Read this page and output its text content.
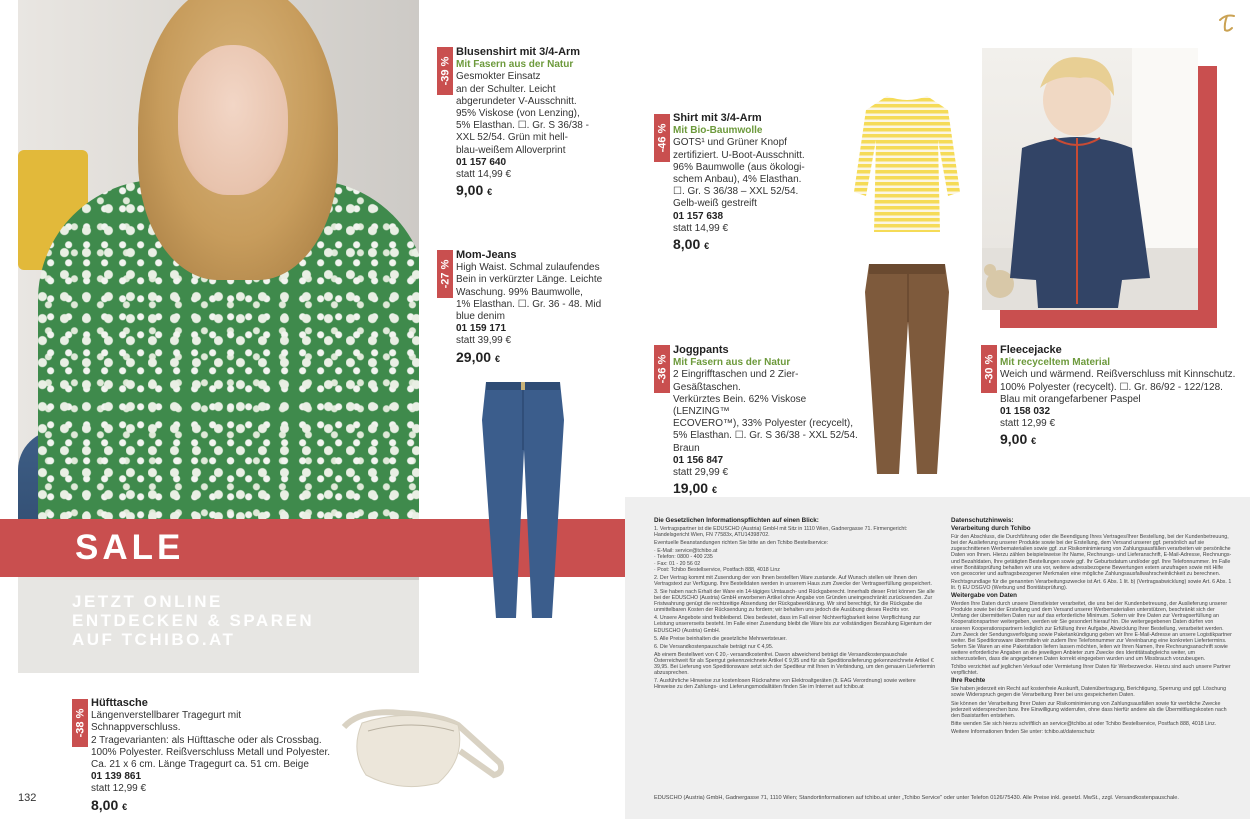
SALE
JETZT ONLINE
ENTDECKEN & SPAREN
AUF TCHIBO.AT
-39 %
Blusenshirt mit 3/4-Arm
Mit Fasern aus der Natur
Gesmokter Einsatz
an der Schulter. Leicht
abgerundeter V-Ausschnitt.
95% Viskose (von Lenzing),
5% Elasthan. ☐. Gr. S 36/38 -
XXL 52/54. Grün mit hell-
blau-weißem Alloverprint
01 157 640
statt 14,99 €
9,00 €
-27 %
Mom-Jeans
High Waist. Schmal zulaufendes
Bein in verkürzter Länge. Leichte
Waschung. 99% Baumwolle,
1% Elasthan. ☐. Gr. 36 - 48. Mid
blue denim
01 159 171
statt 39,99 €
29,00 €
-46 %
Shirt mit 3/4-Arm
Mit Bio-Baumwolle
GOTS¹ und Grüner Knopf
zertifiziert. U-Boot-Ausschnitt.
96% Baumwolle (aus ökologi-
schem Anbau), 4% Elasthan.
☐. Gr. S 36/38 – XXL 52/54.
Gelb-weiß gestreift
01 157 638
statt 14,99 €
8,00 €
-36 %
Joggpants
Mit Fasern aus der Natur
2 Eingrifftaschen und 2 Zier-Gesäßtaschen.
Verkürztes Bein. 62% Viskose (LENZING™
ECOVERO™), 33% Polyester (recycelt),
5% Elasthan. ☐. Gr. S 36/38 - XXL 52/54.
Braun
01 156 847
statt 29,99 €
19,00 €
-30 %
Fleecejacke
Mit recyceltem Material
Weich und wärmend. Reißverschluss mit Kinnschutz.
100% Polyester (recycelt). ☐. Gr. 86/92 - 122/128.
Blau mit orangefarbener Paspel
01 158 032
statt 12,99 €
9,00 €
-38 %
Hüfttasche
Längenverstellbarer Tragegurt mit Schnappverschluss.
2 Tragevarianten: als Hüfttasche oder als Crossbag.
100% Polyester. Reißverschluss Metall und Polyester.
Ca. 21 x 6 cm. Länge Tragegurt ca. 51 cm. Beige
01 139 861
statt 12,99 €
8,00 €
Die Gesetzlichen Informationspflichten auf einen Blick:

1. Vertragspartner ist die EDUSCHO (Austria) GmbH mit Sitz in 1110 Wien, Gadnergasse 71. Firmengericht: Handelsgericht Wien, FN 77583x, ATU14398702.

Eventuelle Beanstandungen richten Sie bitte an den Tchibo Bestellservice:

· E-Mail: service@tchibo.at

· Telefon: 0800 - 400 235

· Fax: 01 - 20 56 02

· Post: Tchibo Bestellservice, Postfach 888, 4018 Linz

2. Der Vertrag kommt mit Zusendung der von Ihnen bestellten Ware zustande. Auf Wunsch stellen wir Ihnen den Vertragstext zur Verfügung. Ihre Bestelldaten werden in unserem Haus zum Zwecke der Vertragserfüllung gespeichert.

3. Sie haben nach Erhalt der Ware ein 14-tägiges Umtausch- und Rückgaberecht. Innerhalb dieser Frist können Sie alle bei der EDUSCHO (Austria) GmbH erworbenen Artikel ohne Angabe von Gründen uneingeschränkt zurücksenden. Zur Fristwahrung genügt die rechtzeitige Absendung der Rückgabeerklärung. Wir sind berechtigt, für die Rückgabe die unmittelbaren Kosten der Rücksendung zu fordern; wir behalten uns jedoch die Ausübung dieses Rechts vor.

4. Unsere Angebote sind freibleibend. Dies bedeutet, dass im Fall einer Nichtverfügbarkeit keine Verpflichtung zur Leistung unsererseits besteht. Im Falle einer Zusendung bleibt die Ware bis zur vollständigen Bezahlung Eigentum der EDUSCHO (Austria) GmbH.

5. Alle Preise beinhalten die gesetzliche Mehrwertsteuer.

6. Die Versandkostenpauschale beträgt nur € 4,95.

Ab einem Bestellwert von € 20,- versandkostenfrei. Davon abweichend beträgt die Versandkostenpauschale Österreichweit für als Sperrgut gekennzeichnete Artikel € 9,95 und für als Speditionslieferung gekennzeichnete Artikel € 39,95. Bei Lieferung von Speditionsware setzt sich der Spediteur mit Ihnen in Verbindung, um den genauen Liefertermin abzusprechen.

7. Ausführliche Hinweise zur kostenlosen Rücknahme von Elektroaltgeräten (lt. EAG Verordnung) sowie weitere Hinweise zu den Zahlungs- und Lieferungsmodalitäten finden Sie im Internet auf tchibo.at

Datenschutzhinweis:
Verarbeitung durch Tchibo

Für den Abschluss, die Durchführung oder die Beendigung Ihres Vertrages/Ihrer Bestellung, bei der Kundenbetreuung, bei der Auslieferung unserer Produkte sowie bei der Erstellung, dem Versand unserer ggf. persönlich auf sie zugeschnittenen Werbematerialien sowie ggf. zur Risikominimierung von Zahlungsausfällen verarbeiten wir persönliche Daten von Ihnen. Hierzu zählen beispielsweise Ihr Name, Rechnungs- und Lieferanschrift, E-Mail-Adresse, Rechnungs- und Bezahldaten, Ihre getätigten Bestellungen sowie ggf. Ihr Geburtsdatum und/oder ggf. Ihre Telefonnummer. Im Falle einer Bonitätsprüfung behalten wir uns vor, weitere adressbezogene Bewertungen extern anzufragen sowie mit Hilfe von geoscorier und auftragsbezogener Merkmalen eine mögliche Zahlungsausfallwahrscheinlichkeit zu berechnen.

Rechtsgrundlage für die genannten Verarbeitungszwecke ist Art. 6 Abs. 1 lit. b) (Vertragsabwicklung) sowie Art. 6 Abs. 1 lit. f) EU DSGVO (Werbung und Bonitätsprüfung).

Weitergabe von Daten

Werden Ihre Daten durch unsere Dienstleister verarbeitet, die uns bei der Kundenbetreuung, der Auslieferung unserer Produkte sowie bei der Erstellung und dem Versand unserer Werbematerialien unterstützen, beschränkt sich der Umfang der übermittelten Daten nur auf das erforderliche Minimum. Sofern wir Ihre Daten zur Vertragserfüllung an Kooperationspartner weitergeben, werden wir Sie gesondert hierauf hin. Die weitergegebenen Daten dürfen von unseren Kooperationspartnern lediglich zur Erfüllung ihrer Aufgabe, Abwicklung Ihrer Bestellung, verarbeitet werden. Zum Zweck der Sendungsverfolgung sowie Paketankündigung geben wir Ihre E-Mail-Adresse an unsere Logistikpartner weiter. Bei Speditionsware übermitteln wir zudem Ihre Telefonnummer zur Vereinbarung eine konkreten Liefertermins. Sofern Sie Waren an eine Paketstation liefern lassen möchten, leiten wir Ihren Namen, Ihre Rechnungsanschrift sowie weitere erforderliche Angaben an die jeweiligen Anbieter zum Zwecke des Identitätsabgleichs weiter, um sicherzustellen, dass die angegebenen Daten korrekt eingegeben wurden und um Missbrauch vorzubeugen.

Tchibo verzichtet auf jeglichen Verkauf oder Vermietung Ihrer Daten für Werbezwecke. Hierzu sind auch unsere Partner verpflichtet.

Ihre Rechte

Sie haben jederzeit ein Recht auf kostenfreie Auskunft, Datenübertragung, Berichtigung, Sperrung und ggf. Löschung sowie Widerspruch gegen die Verarbeitung Ihrer bei uns gespeicherten Daten.

Sie können der Verarbeitung Ihrer Daten zur Risikominimierung von Zahlungsausfällen sowie für werbliche Zwecke jederzeit widersprechen bzw. Ihre Einwilligung widerrufen, ohne dass hierfür andere als die Übermittlungskosten nach den Basistarifen entstehen.

Bitte wenden Sie sich hierzu schriftlich an service@tchibo.at oder Tchibo Bestellservice, Postfach 888, 4018 Linz.

Weitere Informationen finden Sie unter: tchibo.at/datenschutz

EDUSCHO (Austria) GmbH, Gadnergasse 71, 1110 Wien; Standortinformationen auf tchibo.at unter „Tchibo Service" oder unter Telefon 0126/75430. Alle Preise inkl. gesetzl. MwSt., zzgl. Versandkostenpauschale.
132
